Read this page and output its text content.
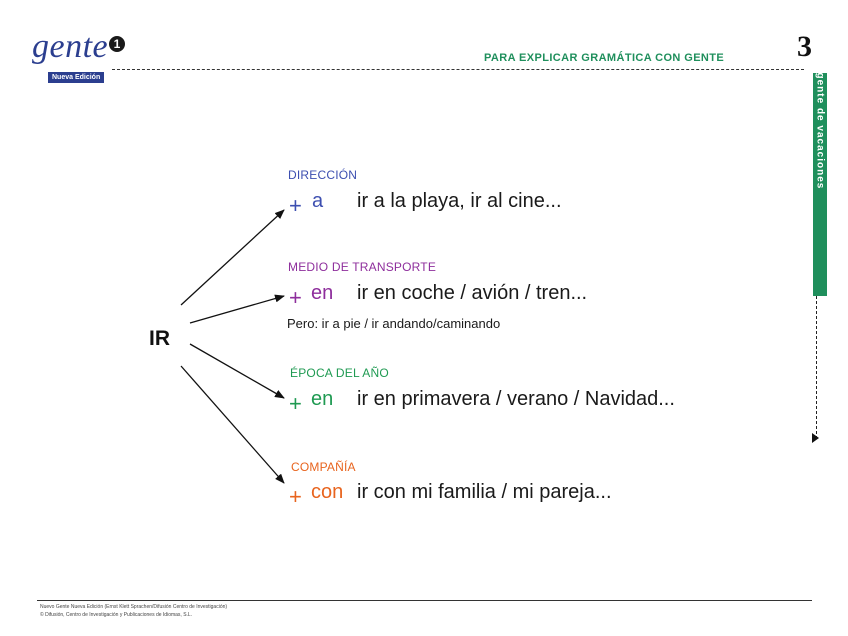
gente 1
Nueva Edición
PARA EXPLICAR GRAMÁTICA CON GENTE 3
gente de vacaciones
IR
DIRECCIÓN
+ a ir a la playa, ir al cine...
MEDIO DE TRANSPORTE
+ en ir en coche / avión / tren...
Pero: ir a pie / ir andando/caminando
ÉPOCA DEL AÑO
+ en ir en primavera / verano / Navidad...
COMPAÑÍA
+ con ir con mi familia / mi pareja...
Nuevo Gente Nueva Edición (Ernst Klett Sprachen/Difusión Centro de Investigación)
© Difusión, Centro de Investigación y Publicaciones de Idiomas, S.L.
